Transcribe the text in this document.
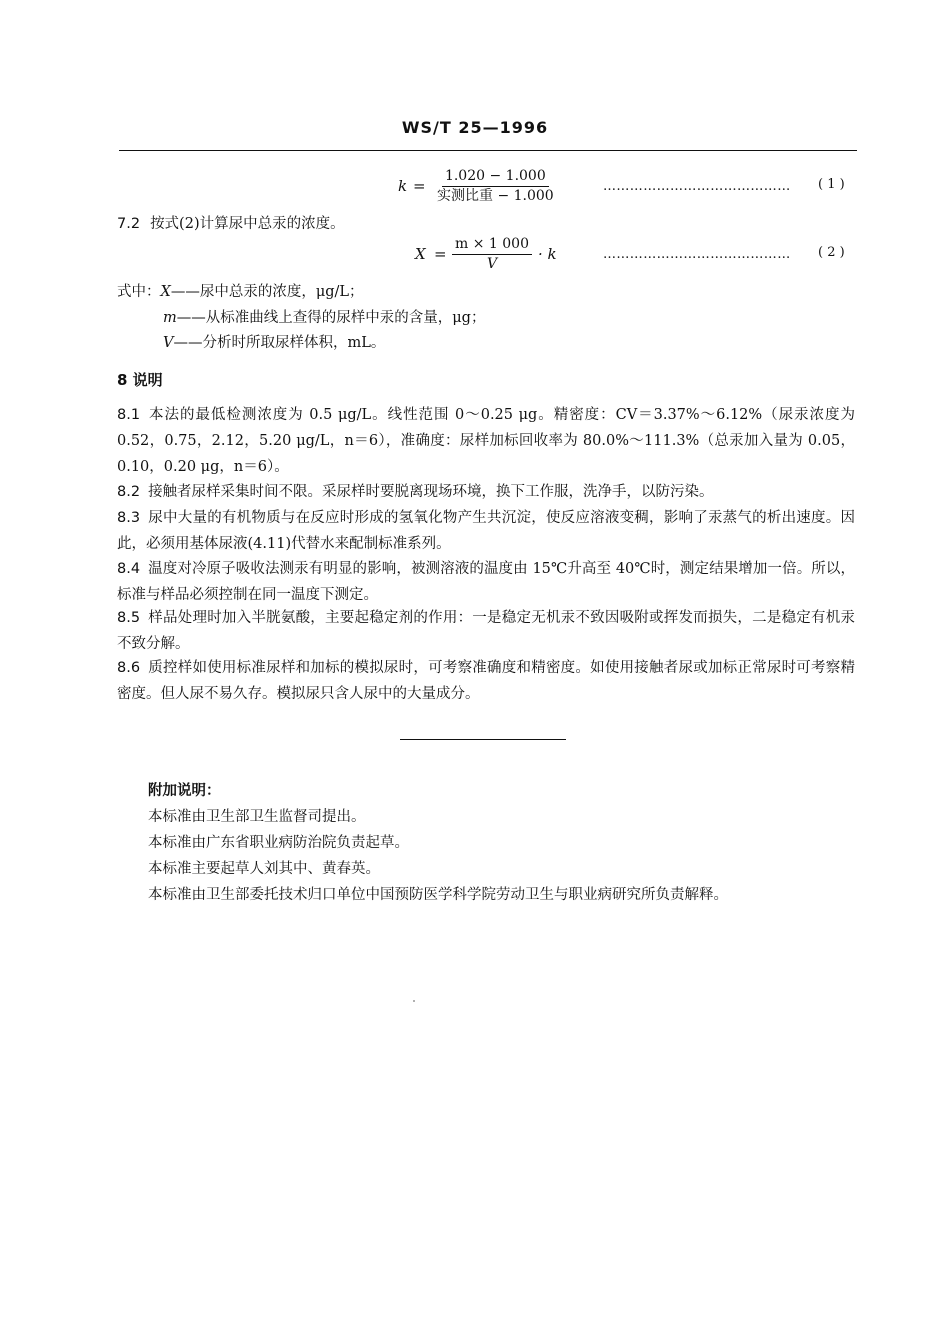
WS/T 25—1996
k =
1.020 − 1.000
实测比重 − 1.000
…………………………………… ( 1 )
7.2 按式(2)计算尿中总汞的浓度。
$X = \frac{m \times 1 000}{V} \cdot k$	…………………………………… ( 2 )
式中：X——尿中总汞的浓度，μg/L；
m——从标准曲线上查得的尿样中汞的含量，μg；
V——分析时所取尿样体积，mL。
8 说明
8.1 本法的最低检测浓度为 0.5 μg/L。线性范围 0～0.25 μg。精密度：CV＝3.37%～6.12%（尿汞浓度为 0.52，0.75，2.12，5.20 μg/L，n＝6），准确度：尿样加标回收率为 80.0%～111.3%（总汞加入量为 0.05，0.10，0.20 μg，n＝6）。
8.2 接触者尿样采集时间不限。采尿样时要脱离现场环境，换下工作服，洗净手，以防污染。
8.3 尿中大量的有机物质与在反应时形成的氢氧化物产生共沉淀，使反应溶液变稠，影响了汞蒸气的析出速度。因此，必须用基体尿液(4.11)代替水来配制标准系列。
8.4 温度对冷原子吸收法测汞有明显的影响，被测溶液的温度由 15℃升高至 40℃时，测定结果增加一倍。所以，标准与样品必须控制在同一温度下测定。
8.5 样品处理时加入半胱氨酸，主要起稳定剂的作用：一是稳定无机汞不致因吸附或挥发而损失，二是稳定有机汞不致分解。
8.6 质控样如使用标准尿样和加标的模拟尿时，可考察准确度和精密度。如使用接触者尿或加标正常尿时可考察精密度。但人尿不易久存。模拟尿只含人尿中的大量成分。
附加说明：
本标准由卫生部卫生监督司提出。
本标准由广东省职业病防治院负责起草。
本标准主要起草人刘其中、黄春英。
本标准由卫生部委托技术归口单位中国预防医学科学院劳动卫生与职业病研究所负责解释。
